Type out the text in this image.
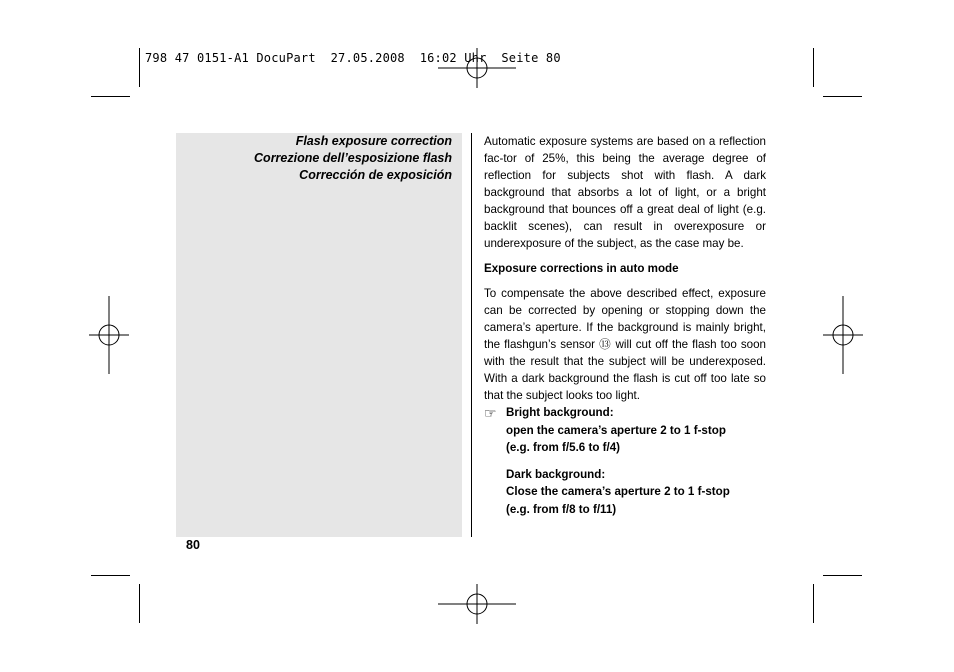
798 47 0151-A1 DocuPart  27.05.2008  16:02 Uhr  Seite 80
Flash exposure correction
Correzione dell’esposizione flash
Corrección de exposición

Automatic exposure systems are based on a reflection fac-tor of 25%, this being the average degree of reflection for subjects shot with flash. A dark background that absorbs a lot of light, or a bright background that bounces off a great deal of light (e.g. backlit scenes), can result in overexposure or underexposure of the subject, as the case may be.

Exposure corrections in auto mode

To compensate the above described effect, exposure can be corrected by opening or stopping down the camera’s aperture. If the background is mainly bright, the flashgun’s sensor ⑬ will cut off the flash too soon with the result that the subject will be underexposed. With a dark background the flash is cut off too late so that the subject looks too light.

☞ Bright background:
open the camera’s aperture 2 to 1 f-stop
(e.g. from f/5.6 to f/4)
Dark background:
Close the camera’s aperture 2 to 1 f-stop
(e.g. from f/8 to f/11)
80
